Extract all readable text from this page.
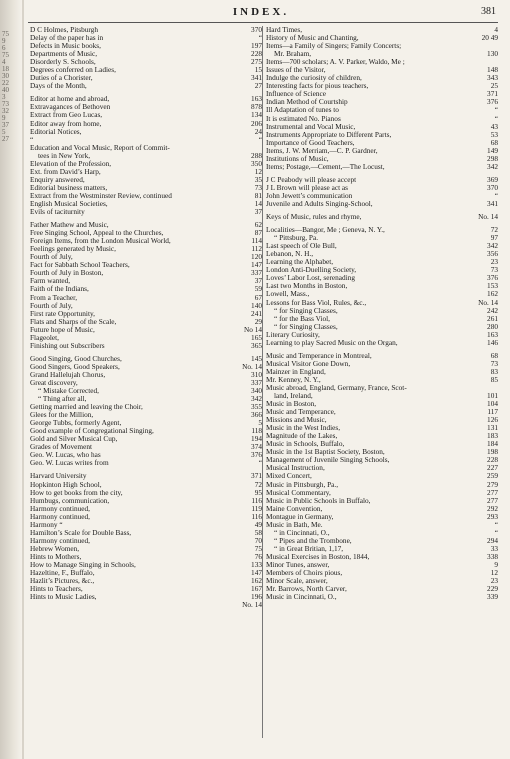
75
9
6
75
4
18
30
22
40
3
73
32
9
37
5
27
INDEX.	381
D C Holmes, Pitsburgh	370
Delay of the paper has in	“
Defects in Music books,	197
Departments of Music,	228
Disorderly S. Schools,	275
Degrees conferred on Ladies,	15
Duties of a Chorister,	341
Days of the Month,	27
Editor at home and abroad,	163
Extravagances of Bethoven	878
Extract from Geo Lucas,	134
Editor away from home,	206
Editorial Notices,	24
“	“
Education and Vocal Music, Report of Commit-
tees in New York,	288
Elevation of the Profession,	350
Ext. from David’s Harp,	12
Enquiry answered,	35
Editorial business matters,	73
Extract from the Westminster Review, continued	81
English Musical Societies,	14
Evils of taciturnity	37
Father Mathew and Music,	62
Free Singing School, Appeal to the Churches,	87
Foreign Items, from the London Musical World,	114
Feelings generated by Music,	112
Fourth of July,	120
Fact for Sabbath School Teachers,	147
Fourth of July in Boston,	337
Farm wanted,	37
Faith of the Indians,	59
From a Teacher,	67
Fourth of July,	140
First rate Opportunity,	241
Flats and Sharps of the Scale,	29
Future hope of Music,	No 14
Flageolet,	165
Finishing out Subscribers	365
Good Singing, Good Churches,	145
Good Singers, Good Speakers,	No. 14
Grand Hallelujah Chorus,	310
Great discovery,	337
“ Mistake Corrected,	340
“ Thing after all,	342
Getting married and leaving the Choir,	355
Glees for the Million,	366
George Tubbs, formerly Agent,	5
Good example of Congregational Singing,	118
Gold and Silver Musical Cup,	194
Grades of Movement	374
Geo. W. Lucas, who has	376
Geo. W. Lucas writes from	“
Harvard University	371
Hopkinton High School,	72
How to get books from the city,	95
Humbugs, communication,	116
Harmony continued,	119
Harmony continued,	116
Harmony “	49
Hamilton’s Scale for Double Bass,	58
Harmony continued,	70
Hebrew Women,	75
Hints to Mothers,	76
How to Manage Singing in Schools,	133
Hazeltine, F., Buffalo,	147
Hazlit’s Pictures, &c.,	162
Hints to Teachers,	167
Hints to Music Ladies,	196
No. 14
Hard Times,	4
History of Music and Chanting,	20 49
Items—a Family of Singers; Family Concerts;
Mr. Braham,	130
Items—700 scholars; A. V. Parker, Waldo, Me ;
Issues of the Visitor,	148
Indulge the curiosity of children,	343
Interesting facts for pious teachers,	25
Influence of Science	371
Indian Method of Courtship	376
Ill Adaptation of tunes to	“
It is estimated No. Pianos	“
Instrumental and Vocal Music,	43
Instruments Appropriate to Different Parts,	53
Importance of Good Teachers,	68
Items, J. W. Merriam,—C. P. Gardner,	149
Institutions of Music,	298
Items; Postage,—Cement,—The Locust,	342
J C Peabody will please accept	369
J L Brown will please act as	370
John Jewett’s communication	“
Juvenile and Adults Singing-School,	341
Keys of Music, rules and rhyme,	No. 14
Localities—Bangor, Me ; Geneva, N. Y.,	72
“ Pittsburg, Pa.	97
Last speech of Ole Bull,	342
Lebanon, N. H.,	356
Learning the Alphabet,	23
London Anti-Duelling Society,	73
Loves’ Labor Lost, serenading	376
Last two Months in Boston,	153
Lowell, Mass.,	162
Lessons for Bass Viol, Rules, &c.,	No. 14
“ for Singing Classes,	242
“ for the Bass Viol,	261
“ for Singing Classes,	280
Literary Curiosity,	163
Learning to play Sacred Music on the Organ,	146
Music and Temperance in Montreal,	68
Musical Visitor Gone Down,	73
Mainzer in England,	83
Mr. Kenney, N. Y.,	85
Music abroad, England, Germany, France, Scot-
land, Ireland,	101
Music in Boston,	104
Music and Temperance,	117
Missions and Music,	126
Music in the West Indies,	131
Magnitude of the Lakes,	183
Music in Schools, Buffalo,	184
Music in the 1st Baptist Society, Boston,	198
Management of Juvenile Singing Schools,	228
Musical Instruction,	227
Mixed Concert,	259
Music in Pittsburgh, Pa.,	279
Musical Commentary,	277
Music in Public Schools in Buffalo,	277
Maine Convention,	292
Montague in Germany,	293
Music in Bath, Me.	“
“ in Cincinnati, O.,	“
“ Pipes and the Trombone,	294
“ in Great Britian, 1,17,	33
Musical Exercises in Boston, 1844,	338
Minor Tunes, answer,	9
Members of Choirs pious,	12
Minor Scale, answer,	23
Mr. Barrows, North Carver,	229
Music in Cincinnati, O.,	339
